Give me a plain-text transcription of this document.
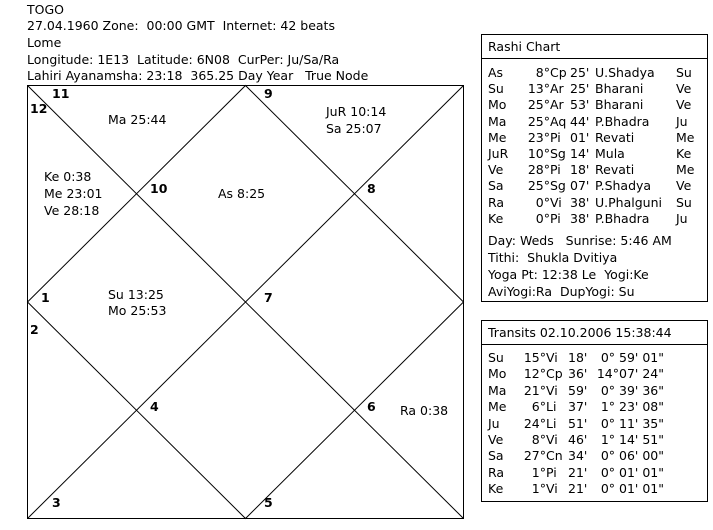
TOGO
27.04.1960 Zone:  00:00 GMT  Internet: 42 beats
Lome
Longitude: 1E13  Latitude: 6N08  CurPer: Ju/Sa/Ra
Lahiri Ayanamsha: 23:18  365.25 Day Year   True Node
11
12
9
10	8
1	7
2
4	6
3	5
Ma 25:44
JuR 10:14
Sa 25:07
Ke 0:38
Me 23:01
Ve 28:18
As 8:25
Su 13:25
Mo 25:53
Ra 0:38
Rashi Chart
As	8° Cp 25' U.Shadya Su
Su	13° Ar 25' Bharani	Ve
Mo	25° Ar 53' Bharani	Ve
Ma	25° Aq 44' P.Bhadra Ju
Me	23° Pi 01' Revati	Me
JuR	10° Sg 14' Mula	Ke
Ve	28° Pi 18' Revati	Me
Sa	25° Sg 07' P.Shadya Ve
Ra	0° Vi 38' U.Phalguni Su
Ke	0° Pi 38' P.Bhadra Ju
Day: Weds   Sunrise: 5:46 AM
Tithi:  Shukla Dvitiya
Yoga Pt: 12:38 Le  Yogi:Ke
AviYogi:Ra  DupYogi: Su
Transits 02.10.2006 15:38:44
Su	15° Vi 18'	0° 59' 01"
Mo	12° Cp 36' 14°07' 24"
Ma	21° Vi 59'	0° 39' 36"
Me	6° Li 37'	1° 23' 08"
Ju	24° Li 51'	0° 11' 35"
Ve	8° Vi 46'	1° 14' 51"
Sa	27° Cn 34'	0° 06' 00"
Ra	1° Pi 21'	0° 01' 01"
Ke	1° Vi 21'	0° 01' 01"
